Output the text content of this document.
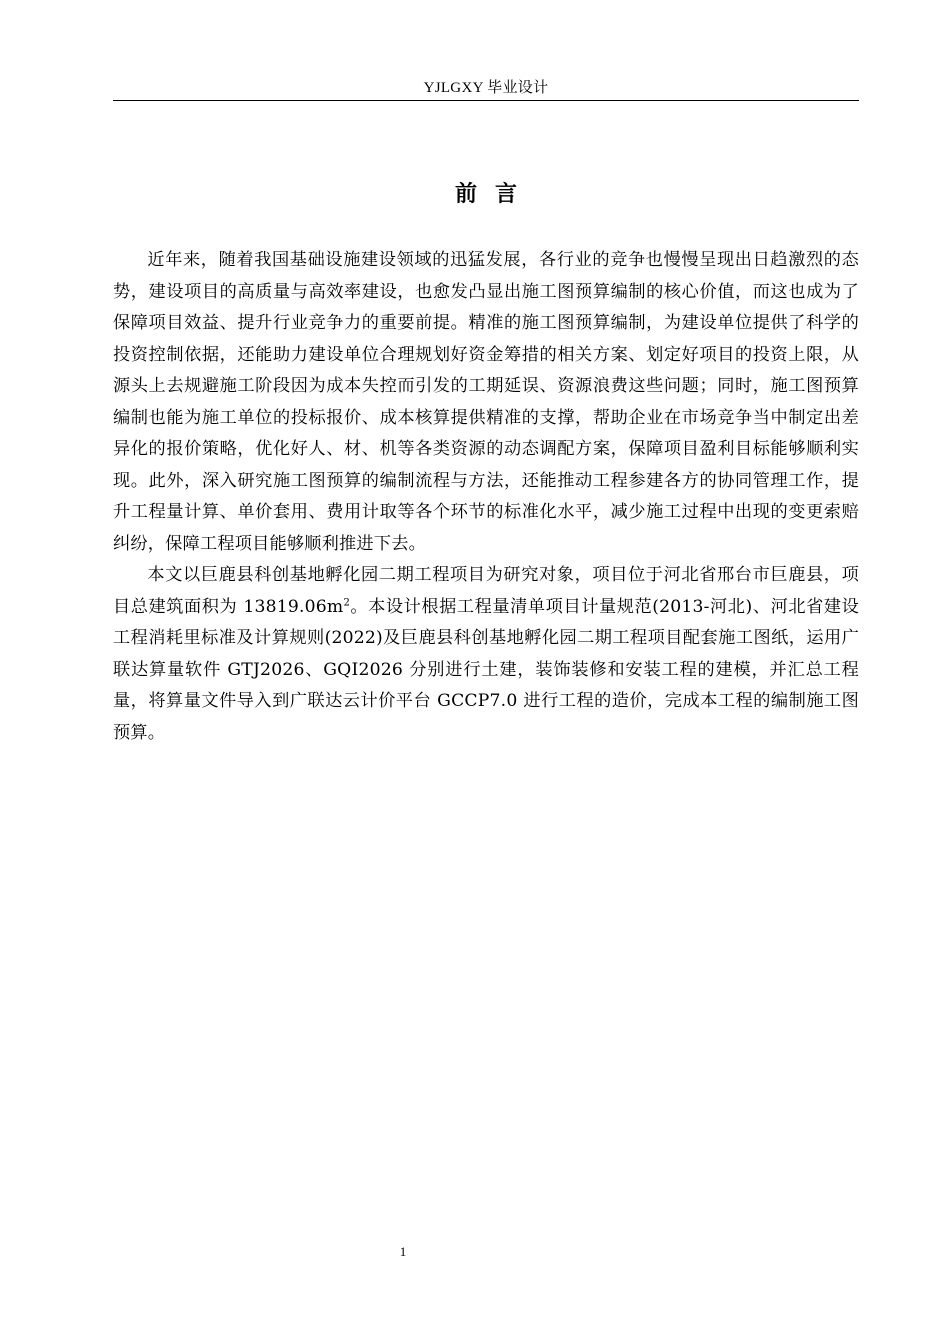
YJLGXY 毕业设计
前言

近年来，随着我国基础设施建设领域的迅猛发展，各行业的竞争也慢慢呈现出日趋激烈的态势，建设项目的高质量与高效率建设，也愈发凸显出施工图预算编制的核心价值，而这也成为了保障项目效益、提升行业竞争力的重要前提。精准的施工图预算编制，为建设单位提供了科学的投资控制依据，还能助力建设单位合理规划好资金筹措的相关方案、划定好项目的投资上限，从源头上去规避施工阶段因为成本失控而引发的工期延误、资源浪费这些问题；同时，施工图预算编制也能为施工单位的投标报价、成本核算提供精准的支撑，帮助企业在市场竞争当中制定出差异化的报价策略，优化好人、材、机等各类资源的动态调配方案，保障项目盈利目标能够顺利实现。此外，深入研究施工图预算的编制流程与方法，还能推动工程参建各方的协同管理工作，提升工程量计算、单价套用、费用计取等各个环节的标准化水平，减少施工过程中出现的变更索赔纠纷，保障工程项目能够顺利推进下去。

本文以巨鹿县科创基地孵化园二期工程项目为研究对象，项目位于河北省邢台市巨鹿县，项目总建筑面积为 $13819.06m^2$。本设计根据工程量清单项目计量规范(2013-河北)、河北省建设工程消耗里标准及计算规则(2022)及巨鹿县科创基地孵化园二期工程项目配套施工图纸，运用广联达算量软件 GTJ2026、GQI2026 分别进行土建，装饰装修和安装工程的建模，并汇总工程量，将算量文件导入到广联达云计价平台 GCCP7.0 进行工程的造价，完成本工程的编制施工图预算。

1
